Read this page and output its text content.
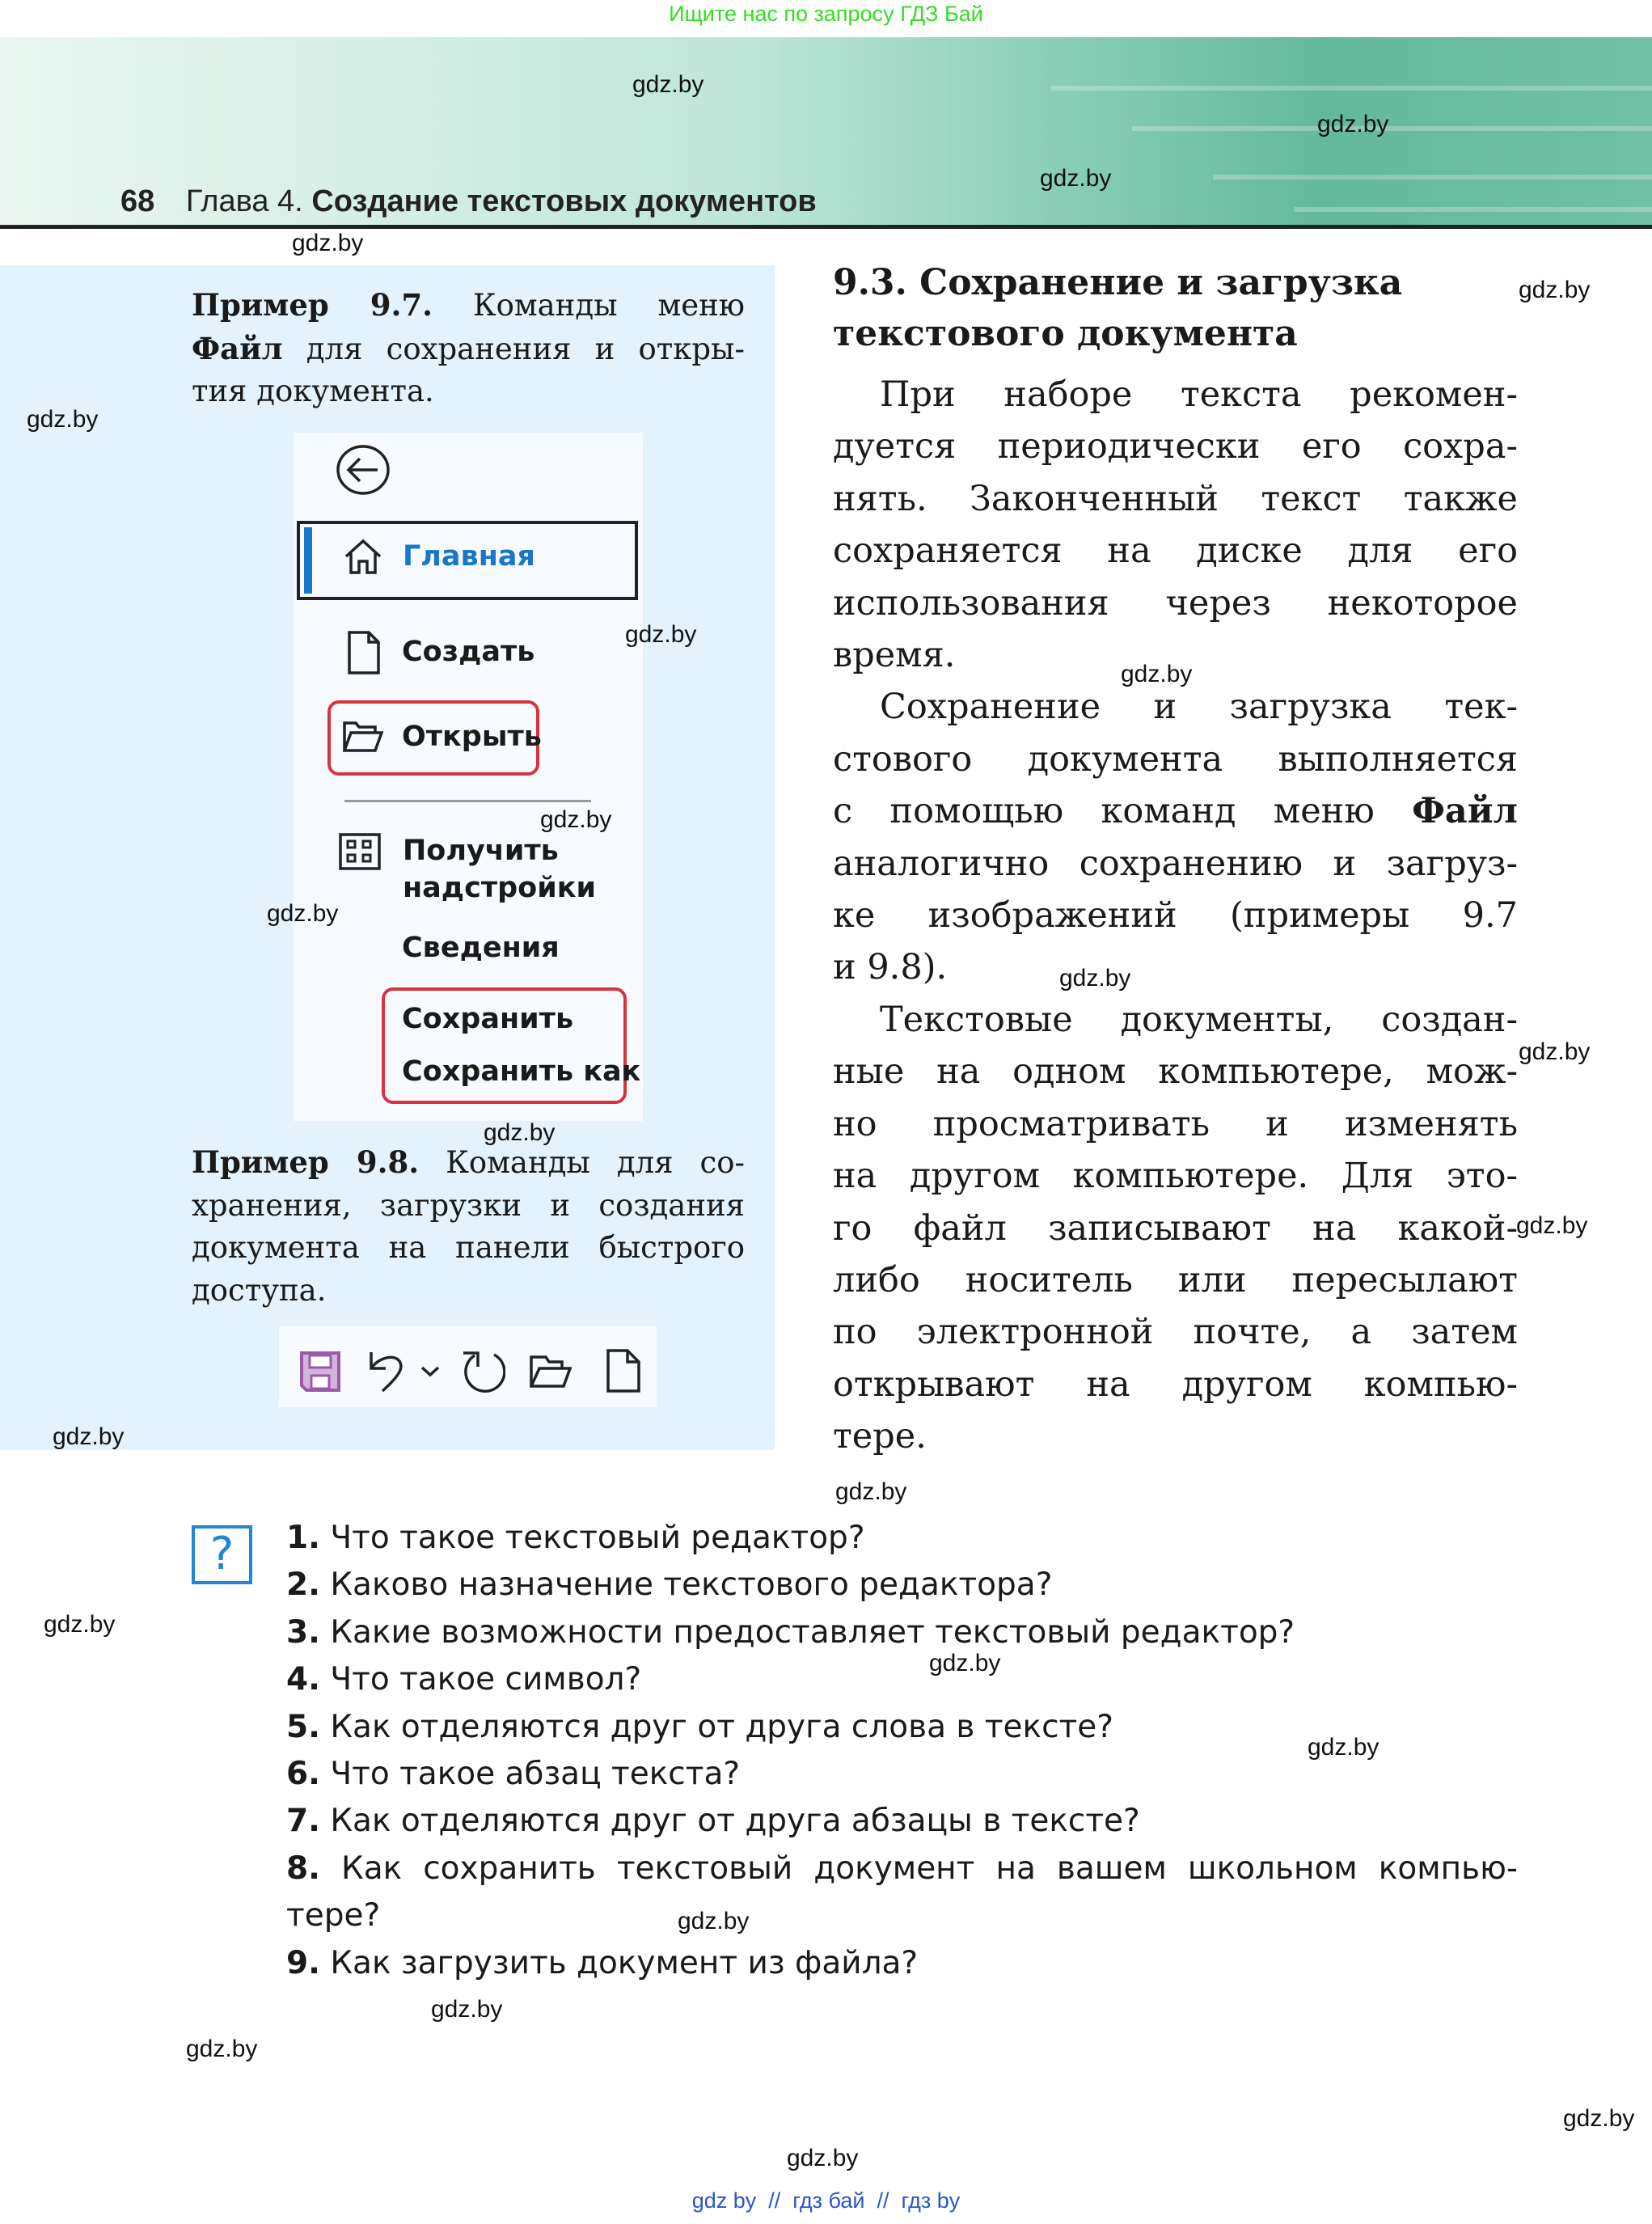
Ищите нас по запросу ГДЗ Бай
68 Глава 4. Создание текстовых документов
Пример 9.7. Команды меню
Файл для сохранения и откры-
тия документа.
Главная
Создать
Открыть
Получить
надстройки
Сведения
Сохранить
Сохранить как
Пример 9.8. Команды для со-
хранения, загрузки и создания
документа на панели быстрого
доступа.
9.3. Сохранение и загрузка
текстового документа
При наборе текста рекомен-
дуется периодически его сохра-
нять. Законченный текст также
сохраняется на диске для его
использования через некоторое
время.
Сохранение и загрузка тек-
стового документа выполняется
с помощью команд меню Файл
аналогично сохранению и загруз-
ке изображений (примеры 9.7
и 9.8).
Текстовые документы, создан-
ные на одном компьютере, мож-
но просматривать и изменять
на другом компьютере. Для это-
го файл записывают на какой-
либо носитель или пересылают
по электронной почте, а затем
открывают на другом компью-
тере.
?	1. Что такое текстовый редактор?
2. Каково назначение текстового редактора?
3. Какие возможности предоставляет текстовый редактор?
4. Что такое символ?
5. Как отделяются друг от друга слова в тексте?
6. Что такое абзац текста?
7. Как отделяются друг от друга абзацы в тексте?
8. Как сохранить текстовый документ на вашем школьном компью-
тере?
9. Как загрузить документ из файла?
gdz.by
gdz.by
gdz.by
gdz.by
gdz.by
gdz.by
gdz.by
gdz.by
gdz.by
gdz.by
gdz.by
gdz.by
gdz.by
gdz.by
gdz.by
gdz.by
gdz.by
gdz.by
gdz.by
gdz.by
gdz.by
gdz.by
gdz.by
gdz.by
gdz by  //  гдз бай  //  гдз by
